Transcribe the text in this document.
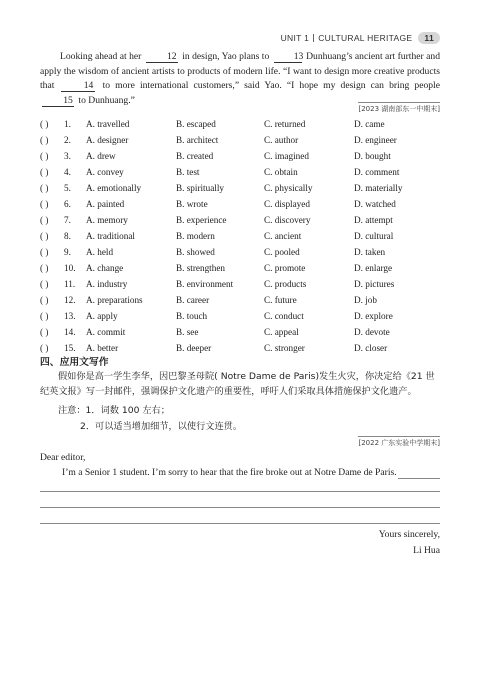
UNIT 1 CULTURAL HERITAGE	11
Looking ahead at her 12 in design, Yao plans to 13 Dunhuang’s ancient art further and apply the wisdom of ancient artists to products of modern life. “I want to design more creative products that	14 to more international customers,” said Yao. “I hope my design can bring people 15 to Dunhuang.”
[2023 湖南部东一中期末]
( ) 1. A. travelled	B. escaped	C. returned	D. came
( ) 2. A. designer	B. architect	C. author	D. engineer
( ) 3. A. drew	B. created	C. imagined	D. bought
( ) 4. A. convey	B. test	C. obtain	D. comment
( ) 5. A. emotionally	B. spiritually	C. physically	D. materially
( ) 6. A. painted	B. wrote	C. displayed	D. watched
( ) 7. A. memory	B. experience	C. discovery	D. attempt
( ) 8. A. traditional	B. modern	C. ancient	D. cultural
( ) 9. A. held	B. showed	C. pooled	D. taken
( ) 10. A. change	B. strengthen	C. promote	D. enlarge
( ) 11. A. industry	B. environment	C. products	D. pictures
( ) 12. A. preparations	B. career	C. future	D. job
( ) 13. A. apply	B. touch	C. conduct	D. explore
( ) 14. A. commit	B. see	C. appeal	D. devote
( ) 15. A. better	B. deeper	C. stronger	D. closer
四、应用文写作
假如你是高一学生李华，因巴黎圣母院( Notre Dame de Paris)发生火灾，你决定给《21 世纪英文报》写一封邮件，强调保护文化遗产的重要性，呼吁人们采取具体措施保护文化遗产。
注意：1．词数 100 左右；
2．可以适当增加细节，以使行文连贯。
[2022 广东实验中学期末]
Dear editor,
I’m a Senior 1 student. I’m sorry to hear that the fire broke out at Notre Dame de Paris.
Yours sincerely,
Li Hua
